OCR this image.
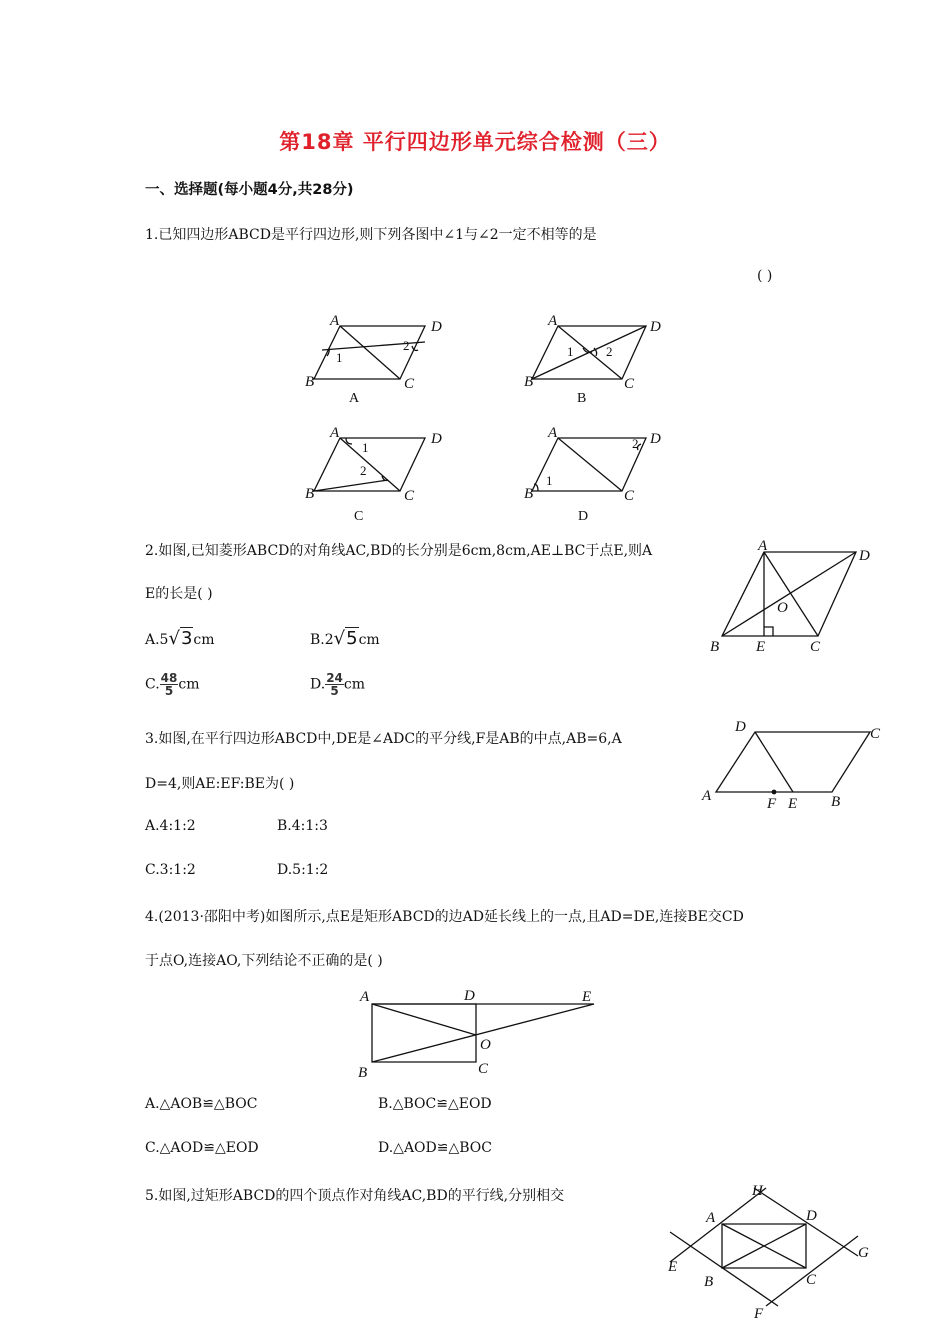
第18章 平行四边形单元综合检测（三）
一、选择题(每小题4分,共28分)
1.已知四边形ABCD是平行四边形,则下列各图中∠1与∠2一定不相等的是
( )
A	D
B	C
1
2
A
A	D
B	C
1	2
B
A	D
B	C
1
2
C
A	D
B	C
1
2
D
2.如图,已知菱形ABCD的对角线AC,BD的长分别是6cm,8cm,AE⊥BC于点E,则A
E的长是( )
A.5√3cm	B.2√5cm
C. $\frac{48}{5}$ cm	D. $\frac{24}{5}$ cm
A
D
O
B E	C
3.如图,在平行四边形ABCD中,DE是∠ADC的平分线,F是AB的中点,AB=6,A
D=4,则AE:EF:BE为( )
A.4:1:2	B.4:1:3
C.3:1:2	D.5:1:2
D	C
A	F E B
4.(2013·邵阳中考)如图所示,点E是矩形ABCD的边AD延长线上的一点,且AD=DE,连接BE交CD
于点O,连接AO,下列结论不正确的是( )
A	D	E
O
B	C
A.△AOB≌△BOC	B.△BOC≌△EOD
C.△AOD≌△EOD	D.△AOD≌△BOC
5.如图,过矩形ABCD的四个顶点作对角线AC,BD的平行线,分别相交	H
A	D
G
E
B	C
F
